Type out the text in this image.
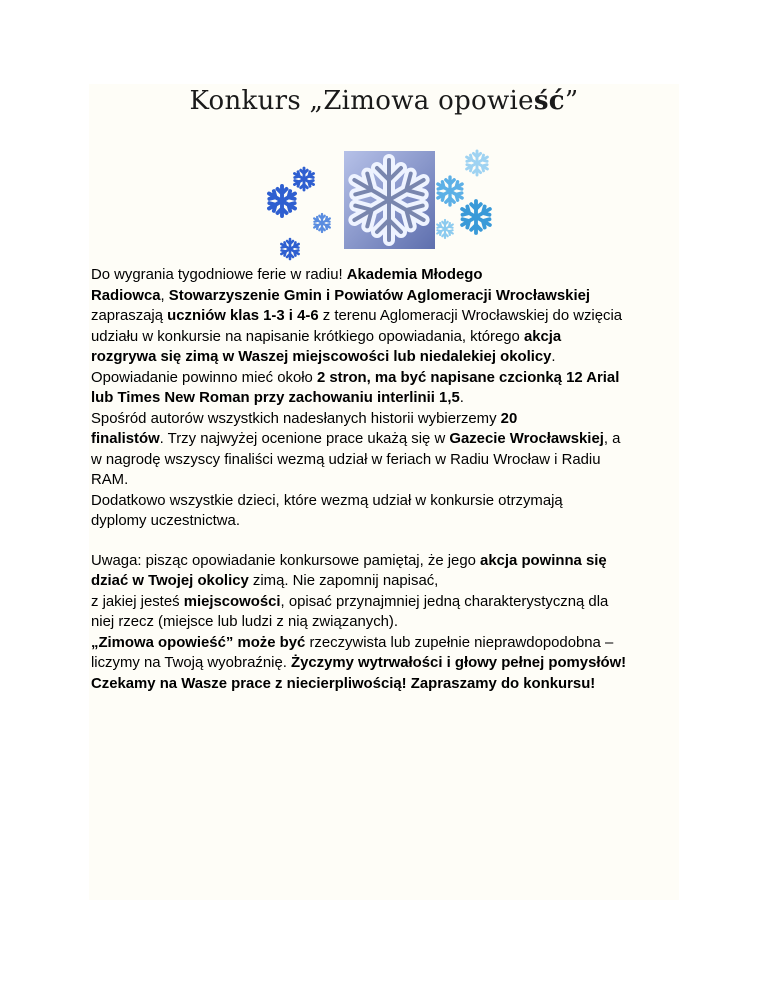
Konkurs „Zimowa opowieść”

Do wygrania tygodniowe ferie w radiu! Akademia Młodego
Radiowca, Stowarzyszenie Gmin i Powiatów Aglomeracji Wrocławskiej
zapraszają uczniów klas 1-3 i 4-6 z terenu Aglomeracji Wrocławskiej do wzięcia
udziału w konkursie na napisanie krótkiego opowiadania, którego akcja
rozgrywa się zimą w Waszej miejscowości lub niedalekiej okolicy.
Opowiadanie powinno mieć około 2 stron, ma być napisane czcionką 12 Arial
lub Times New Roman przy zachowaniu interlinii 1,5.
Spośród autorów wszystkich nadesłanych historii wybierzemy 20
finalistów. Trzy najwyżej ocenione prace ukażą się w Gazecie Wrocławskiej, a
w nagrodę wszyscy finaliści wezmą udział w feriach w Radiu Wrocław i Radiu
RAM.
Dodatkowo wszystkie dzieci, które wezmą udział w konkursie otrzymają
dyplomy uczestnictwa.

Uwaga: pisząc opowiadanie konkursowe pamiętaj, że jego akcja powinna się
dziać w Twojej okolicy zimą. Nie zapomnij napisać,
z jakiej jesteś miejscowości, opisać przynajmniej jedną charakterystyczną dla
niej rzecz (miejsce lub ludzi z nią związanych).
„Zimowa opowieść” może być rzeczywista lub zupełnie nieprawdopodobna –
liczymy na Twoją wyobraźnię. Życzymy wytrwałości i głowy pełnej pomysłów!
Czekamy na Wasze prace z niecierpliwością! Zapraszamy do konkursu!
